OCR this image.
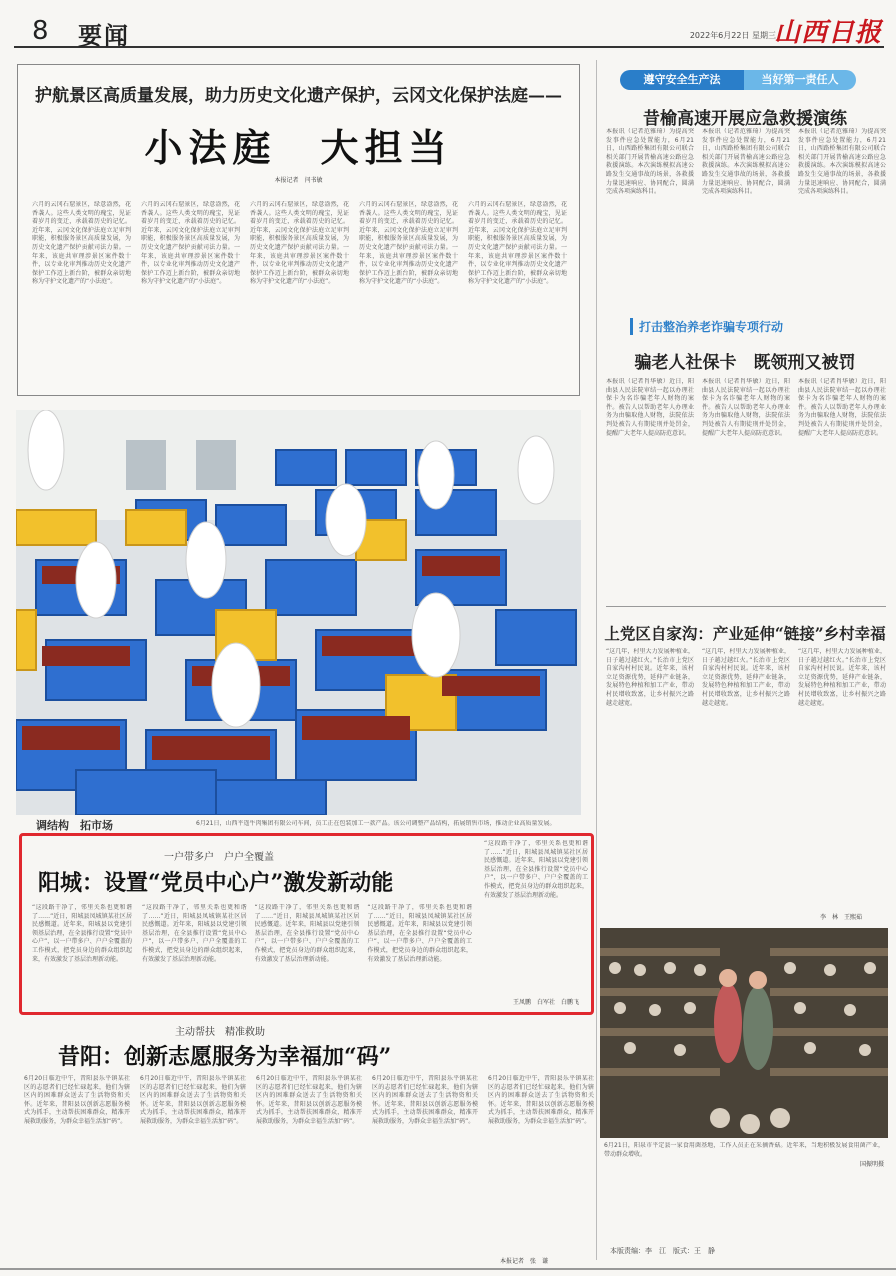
8 要闻	2022年6月22日 星期三
山西日报
护航景区高质量发展，助力历史文化遗产保护，云冈文化保护法庭——
小法庭　大担当
本报记者　闫书敏
六月的云冈石窟景区，绿意盎然，花香袭人。这些人类文明的瑰宝，见证着岁月的变迁，承载着历史的记忆。近年来，云冈文化保护法庭立足审判职能，积极服务景区高质量发展，为历史文化遗产保护贡献司法力量。一年来，该庭共审理涉景区案件数十件，以专业化审判推动历史文化遗产保护工作迈上新台阶，被群众亲切地称为守护文化遗产的“小法庭”。
六月的云冈石窟景区，绿意盎然，花香袭人。这些人类文明的瑰宝，见证着岁月的变迁，承载着历史的记忆。近年来，云冈文化保护法庭立足审判职能，积极服务景区高质量发展，为历史文化遗产保护贡献司法力量。一年来，该庭共审理涉景区案件数十件，以专业化审判推动历史文化遗产保护工作迈上新台阶，被群众亲切地称为守护文化遗产的“小法庭”。
六月的云冈石窟景区，绿意盎然，花香袭人。这些人类文明的瑰宝，见证着岁月的变迁，承载着历史的记忆。近年来，云冈文化保护法庭立足审判职能，积极服务景区高质量发展，为历史文化遗产保护贡献司法力量。一年来，该庭共审理涉景区案件数十件，以专业化审判推动历史文化遗产保护工作迈上新台阶，被群众亲切地称为守护文化遗产的“小法庭”。
六月的云冈石窟景区，绿意盎然，花香袭人。这些人类文明的瑰宝，见证着岁月的变迁，承载着历史的记忆。近年来，云冈文化保护法庭立足审判职能，积极服务景区高质量发展，为历史文化遗产保护贡献司法力量。一年来，该庭共审理涉景区案件数十件，以专业化审判推动历史文化遗产保护工作迈上新台阶，被群众亲切地称为守护文化遗产的“小法庭”。
六月的云冈石窟景区，绿意盎然，花香袭人。这些人类文明的瑰宝，见证着岁月的变迁，承载着历史的记忆。近年来，云冈文化保护法庭立足审判职能，积极服务景区高质量发展，为历史文化遗产保护贡献司法力量。一年来，该庭共审理涉景区案件数十件，以专业化审判推动历史文化遗产保护工作迈上新台阶，被群众亲切地称为守护文化遗产的“小法庭”。
调结构　拓市场	6月21日，山西平遥牛肉集团有限公司车间，员工正在包装加工一款产品。该公司调整产品结构，拓展销售市场，推动企业高质量发展。
一户带多户　户户全覆盖
阳城：设置“党员中心户”激发新动能
“这段路干净了，邻里关系也更和谐了……”近日，阳城县凤城镇某社区居民感慨道。近年来，阳城县以党建引领基层治理，在全县推行设置“党员中心户”，以一户带多户、户户全覆盖的工作模式，把党员身边的群众组织起来，有效激发了基层治理新动能。
“这段路干净了，邻里关系也更和谐了……”近日，阳城县凤城镇某社区居民感慨道。近年来，阳城县以党建引领基层治理，在全县推行设置“党员中心户”，以一户带多户、户户全覆盖的工作模式，把党员身边的群众组织起来，有效激发了基层治理新动能。
“这段路干净了，邻里关系也更和谐了……”近日，阳城县凤城镇某社区居民感慨道。近年来，阳城县以党建引领基层治理，在全县推行设置“党员中心户”，以一户带多户、户户全覆盖的工作模式，把党员身边的群众组织起来，有效激发了基层治理新动能。
“这段路干净了，邻里关系也更和谐了……”近日，阳城县凤城镇某社区居民感慨道。近年来，阳城县以党建引领基层治理，在全县推行设置“党员中心户”，以一户带多户、户户全覆盖的工作模式，把党员身边的群众组织起来，有效激发了基层治理新动能。
“这段路干净了，邻里关系也更和谐了……”近日，阳城县凤城镇某社区居民感慨道。近年来，阳城县以党建引领基层治理，在全县推行设置“党员中心户”，以一户带多户、户户全覆盖的工作模式，把党员身边的群众组织起来，有效激发了基层治理新动能。
王凤鹏　白军社　白鹏飞
主动帮扶　精准救助
昔阳：创新志愿服务为幸福加“码”
6月20日临近中午，昔阳县乐平镇某社区的志愿者们已经忙碌起来，他们为辖区内的困难群众送去了生活物资和关怀。近年来，昔阳县以创新志愿服务模式为抓手，主动帮扶困难群众，精准开展救助服务，为群众幸福生活加“码”。
6月20日临近中午，昔阳县乐平镇某社区的志愿者们已经忙碌起来，他们为辖区内的困难群众送去了生活物资和关怀。近年来，昔阳县以创新志愿服务模式为抓手，主动帮扶困难群众，精准开展救助服务，为群众幸福生活加“码”。
6月20日临近中午，昔阳县乐平镇某社区的志愿者们已经忙碌起来，他们为辖区内的困难群众送去了生活物资和关怀。近年来，昔阳县以创新志愿服务模式为抓手，主动帮扶困难群众，精准开展救助服务，为群众幸福生活加“码”。
6月20日临近中午，昔阳县乐平镇某社区的志愿者们已经忙碌起来，他们为辖区内的困难群众送去了生活物资和关怀。近年来，昔阳县以创新志愿服务模式为抓手，主动帮扶困难群众，精准开展救助服务，为群众幸福生活加“码”。
6月20日临近中午，昔阳县乐平镇某社区的志愿者们已经忙碌起来，他们为辖区内的困难群众送去了生活物资和关怀。近年来，昔阳县以创新志愿服务模式为抓手，主动帮扶困难群众，精准开展救助服务，为群众幸福生活加“码”。
本报记者　张　谦
遵守安全生产法	当好第一责任人
昔榆高速开展应急救援演练
本报讯（记者范雅琦）为提高突发事件应急处置能力，6月21日，山西路桥集团有限公司联合相关部门开展昔榆高速公路应急救援演练。本次演练模拟高速公路发生交通事故的场景，各救援力量迅速响应、协同配合，圆满完成各项演练科目。
本报讯（记者范雅琦）为提高突发事件应急处置能力，6月21日，山西路桥集团有限公司联合相关部门开展昔榆高速公路应急救援演练。本次演练模拟高速公路发生交通事故的场景，各救援力量迅速响应、协同配合，圆满完成各项演练科目。
本报讯（记者范雅琦）为提高突发事件应急处置能力，6月21日，山西路桥集团有限公司联合相关部门开展昔榆高速公路应急救援演练。本次演练模拟高速公路发生交通事故的场景，各救援力量迅速响应、协同配合，圆满完成各项演练科目。
打击整治养老诈骗专项行动
骗老人社保卡　既领刑又被罚
本报讯（记者肖华敏）近日，阳曲县人民法院审结一起以办理社保卡为名诈骗老年人财物的案件。被告人以帮助老年人办理业务为由骗取他人财物，法院依法判处被告人有期徒刑并处罚金，提醒广大老年人提高防范意识。
本报讯（记者肖华敏）近日，阳曲县人民法院审结一起以办理社保卡为名诈骗老年人财物的案件。被告人以帮助老年人办理业务为由骗取他人财物，法院依法判处被告人有期徒刑并处罚金，提醒广大老年人提高防范意识。
本报讯（记者肖华敏）近日，阳曲县人民法院审结一起以办理社保卡为名诈骗老年人财物的案件。被告人以帮助老年人办理业务为由骗取他人财物，法院依法判处被告人有期徒刑并处罚金，提醒广大老年人提高防范意识。
上党区自家沟：产业延伸“链接”乡村幸福
“这几年，村里大力发展种植业，日子越过越红火。”长治市上党区自家沟村村民说。近年来，该村立足资源优势，延伸产业链条，发展特色种植和加工产业，带动村民增收致富，让乡村振兴之路越走越宽。
“这几年，村里大力发展种植业，日子越过越红火。”长治市上党区自家沟村村民说。近年来，该村立足资源优势，延伸产业链条，发展特色种植和加工产业，带动村民增收致富，让乡村振兴之路越走越宽。
“这几年，村里大力发展种植业，日子越过越红火。”长治市上党区自家沟村村民说。近年来，该村立足资源优势，延伸产业链条，发展特色种植和加工产业，带动村民增收致富，让乡村振兴之路越走越宽。
李　林　王熙茹
6月21日，阳泉市平定县一家食用菌基地，工作人员正在采摘香菇。近年来，当地积极发展食用菌产业，带动群众增收。
国振明摄
本版责编：李　江　版式：王　静
